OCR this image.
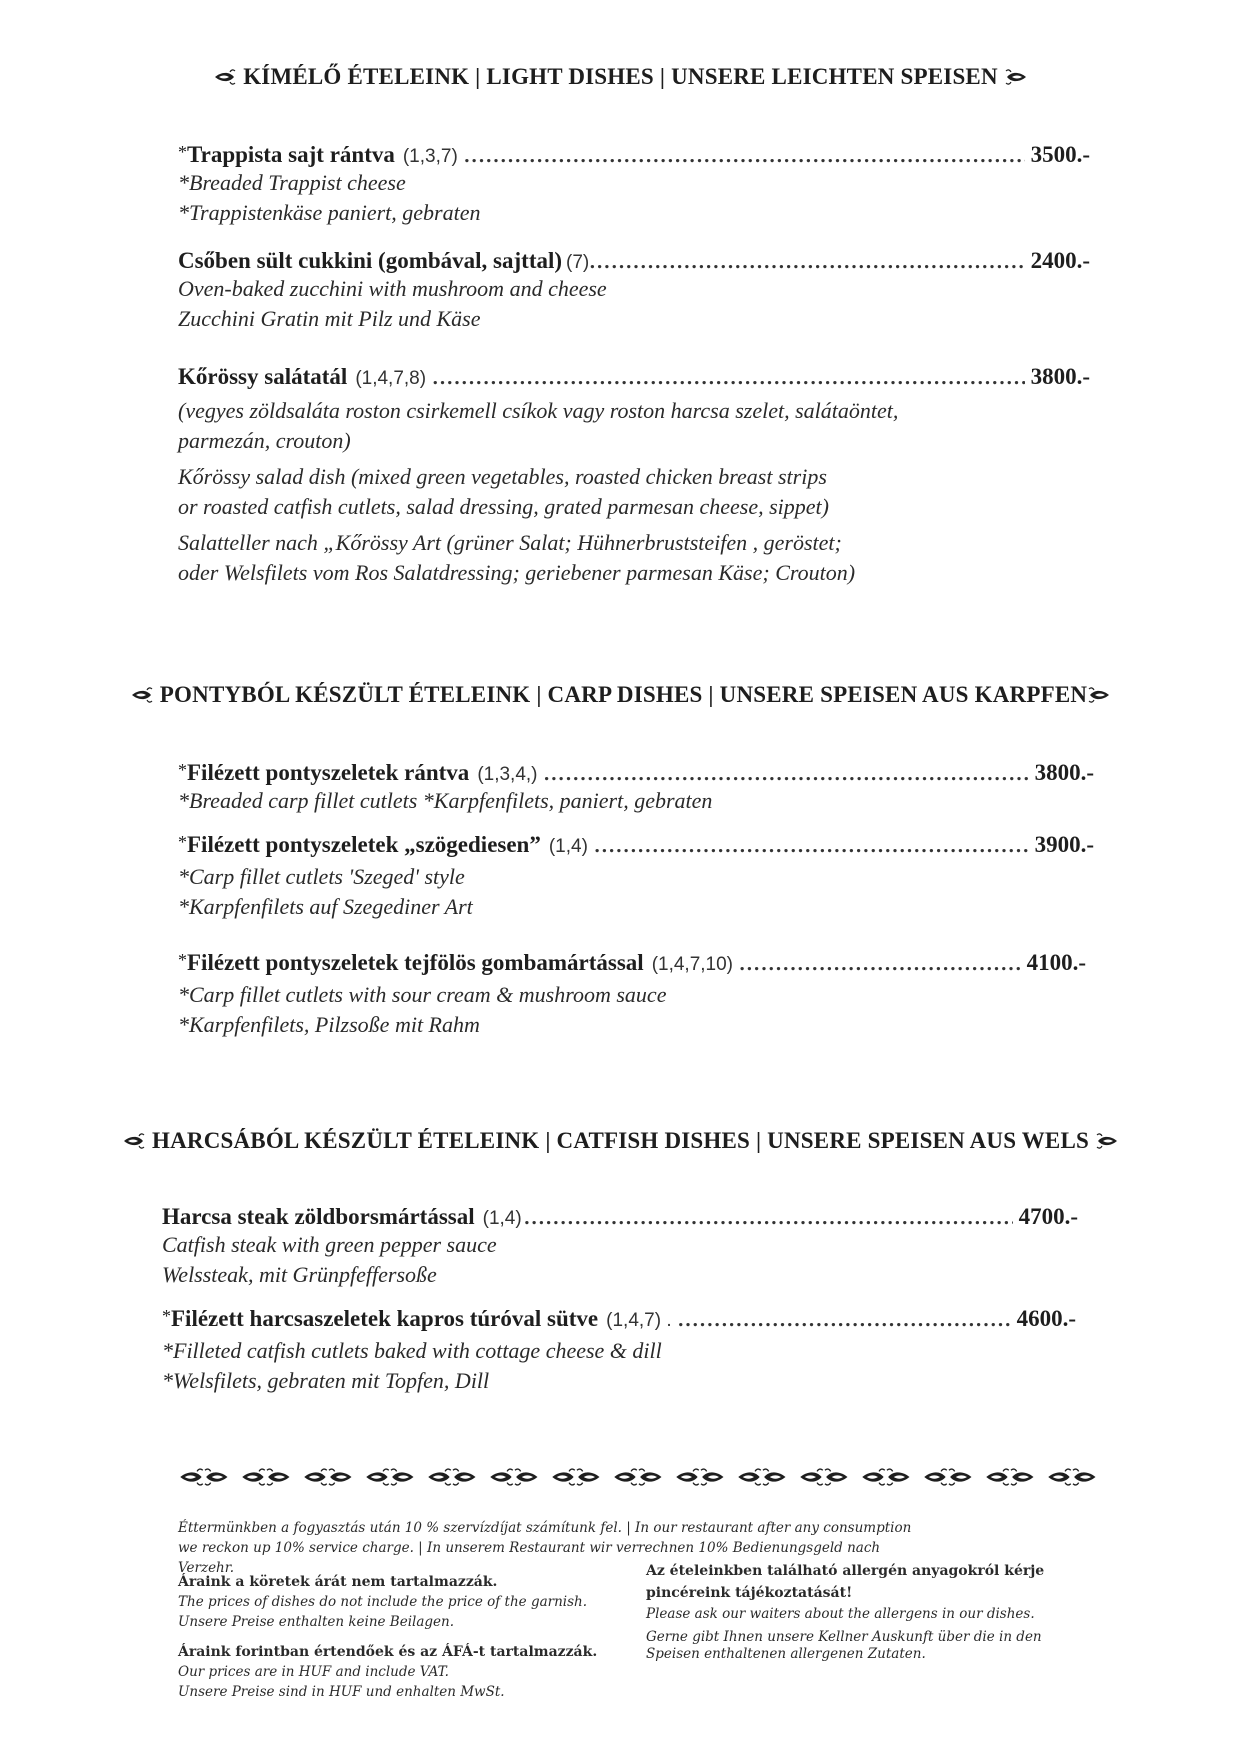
KÍMÉLŐ ÉTELEINK | LIGHT DISHES | UNSERE LEICHTEN SPEISEN
*Trappista sajt rántva (1,3,7) .....	3500.-
*Breaded Trappist cheese
*Trappistenkäse paniert, gebraten
Csőben sült cukkini (gombával, sajttal) (7) .....	2400.-
Oven-baked zucchini with mushroom and cheese
Zucchini Gratin mit Pilz und Käse
Kőrössy salátatál (1,4,7,8) .....	3800.-
(vegyes zöldsaláta roston csirkemell csíkok vagy roston harcsa szelet, salátaöntet,
parmezán, crouton)
Kőrössy salad dish (mixed green vegetables, roasted chicken breast strips
or roasted catfish cutlets, salad dressing, grated parmesan cheese, sippet)
Salatteller nach „Kőrössy Art (grüner Salat; Hühnerbruststeifen , geröstet;
oder Welsfilets vom Ros Salatdressing; geriebener parmesan Käse; Crouton)
PONTYBÓL KÉSZÜLT ÉTELEINK | CARP DISHES | UNSERE SPEISEN AUS KARPFEN
*Filézett pontyszeletek rántva (1,3,4,) .....	3800.-
*Breaded carp fillet cutlets *Karpfenfilets, paniert, gebraten
*Filézett pontyszeletek „szögediesen” (1,4) .....	3900.-
*Carp fillet cutlets 'Szeged' style
*Karpfenfilets auf Szegediner Art
*Filézett pontyszeletek tejfölös gombamártással (1,4,7,10) .....	4100.-
*Carp fillet cutlets with sour cream & mushroom sauce
*Karpfenfilets, Pilzsoße mit Rahm
HARCSÁBÓL KÉSZÜLT ÉTELEINK | CATFISH DISHES | UNSERE SPEISEN AUS WELS
Harcsa steak zöldborsmártással (1,4) .....	4700.-
Catfish steak with green pepper sauce
Welssteak, mit Grünpfeffersoße
*Filézett harcsaszeletek kapros túróval sütve (1,4,7) . .....	4600.-
*Filleted catfish cutlets baked with cottage cheese & dill
*Welsfilets, gebraten mit Topfen, Dill
Éttermünkben a fogyasztás után 10 % szervízdíjat számítunk fel. | In our restaurant after any consumption
we reckon up 10% service charge. | In unserem Restaurant wir verrechnen 10% Bedienungsgeld nach Verzehr.
Áraink a köretek árát nem tartalmazzák.
The prices of dishes do not include the price of the garnish.
Unsere Preise enthalten keine Beilagen.
Áraink forintban értendőek és az ÁFÁ-t tartalmazzák.
Our prices are in HUF and include VAT.
Unsere Preise sind in HUF und enhalten MwSt.
Az ételeinkben található allergén anyagokról kérje
pincéreink tájékoztatását!
Please ask our waiters about the allergens in our dishes.
Gerne gibt Ihnen unsere Kellner Auskunft über die in den
Speisen enthaltenen allergenen Zutaten.
